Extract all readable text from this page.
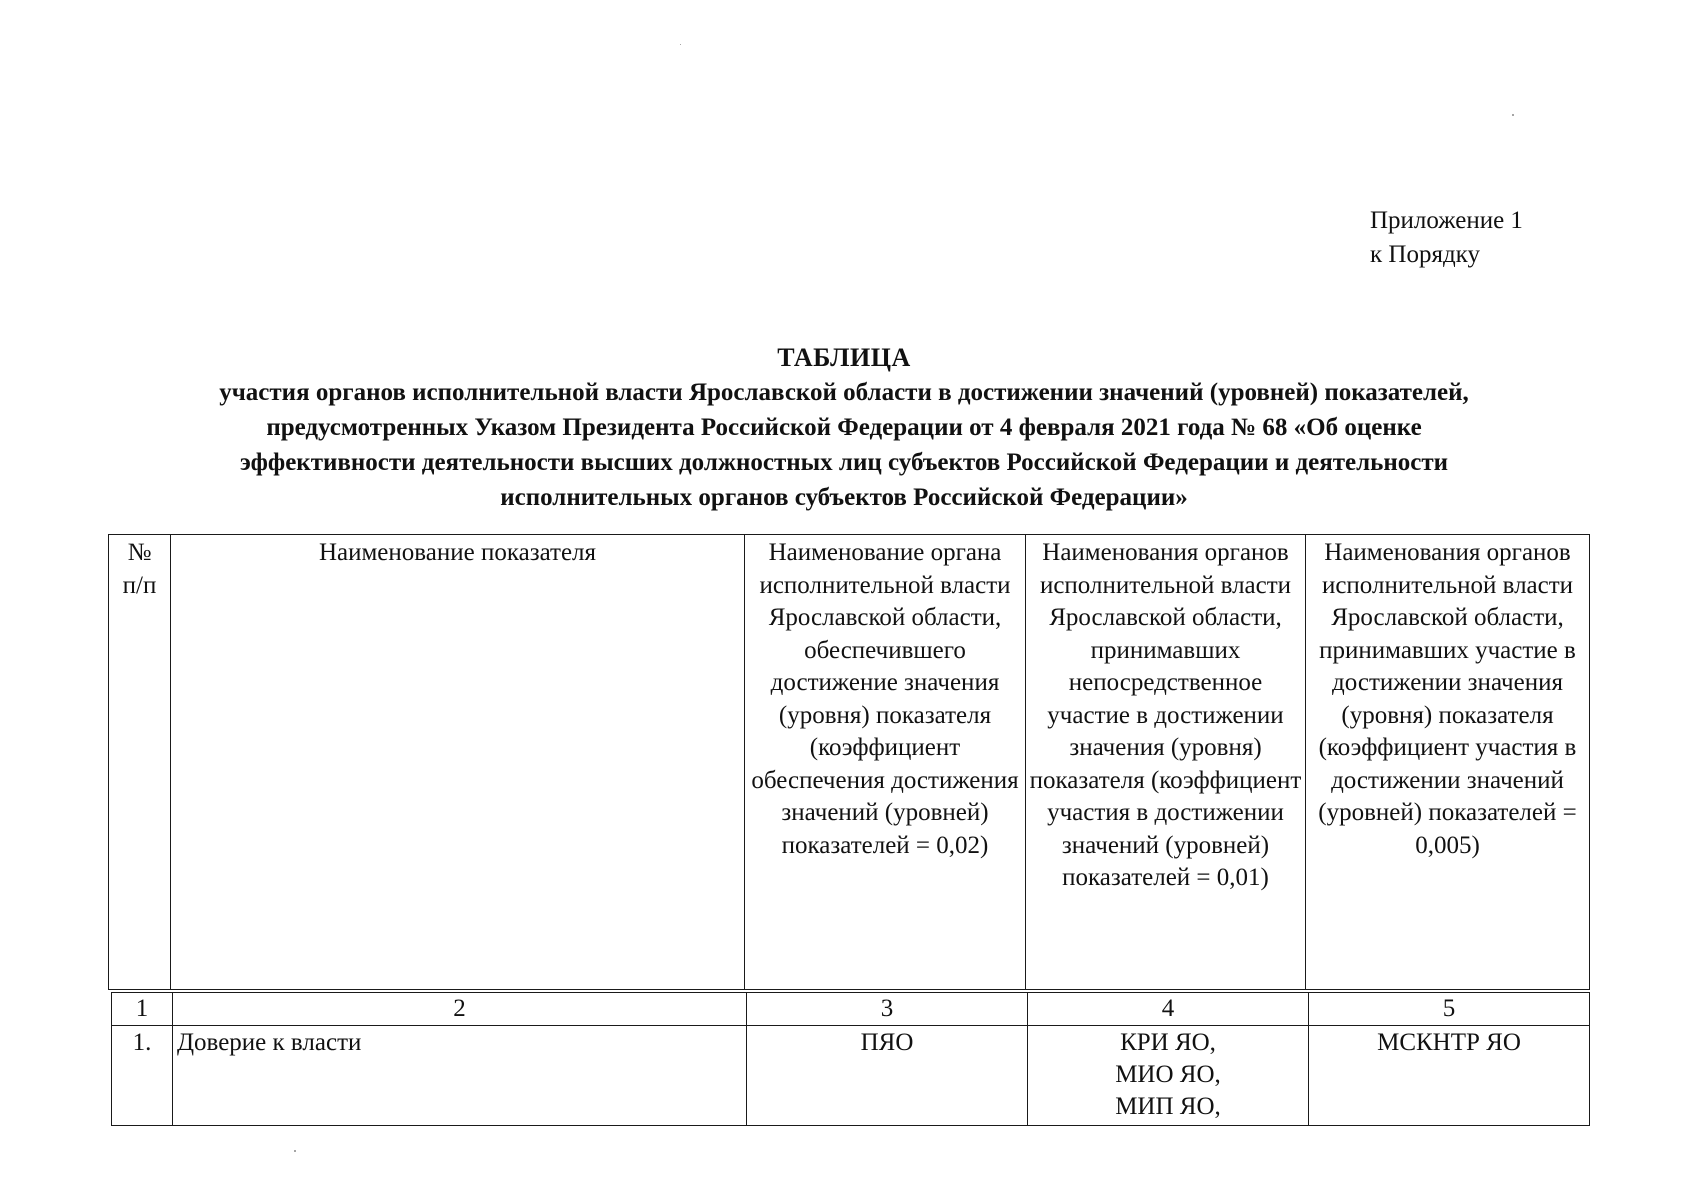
Приложение 1
к Порядку
ТАБЛИЦА
участия органов исполнительной власти Ярославской области в достижении значений (уровней) показателей,
предусмотренных Указом Президента Российской Федерации от 4 февраля 2021 года № 68 «Об оценке
эффективности деятельности высших должностных лиц субъектов Российской Федерации и деятельности
исполнительных органов субъектов Российской Федерации»
№ п/п	Наименование показателя	Наименование органа исполнительной власти Ярославской области, обеспечившего достижение значения (уровня) показателя (коэффициент обеспечения достижения значений (уровней) показателей = 0,02)	Наименования органов исполнительной власти Ярославской области, принимавших непосредственное участие в достижении значения (уровня) показателя (коэффициент участия в достижении значений (уровней) показателей = 0,01)	Наименования органов исполнительной власти Ярославской области, принимавших участие в достижении значения (уровня) показателя (коэффициент участия в достижении значений (уровней) показателей = 0,005)
1	2	3	4	5
1.	Доверие к власти	ПЯО	КРИ ЯО,
МИО ЯО,
МИП ЯО,	МСКНТР ЯО
